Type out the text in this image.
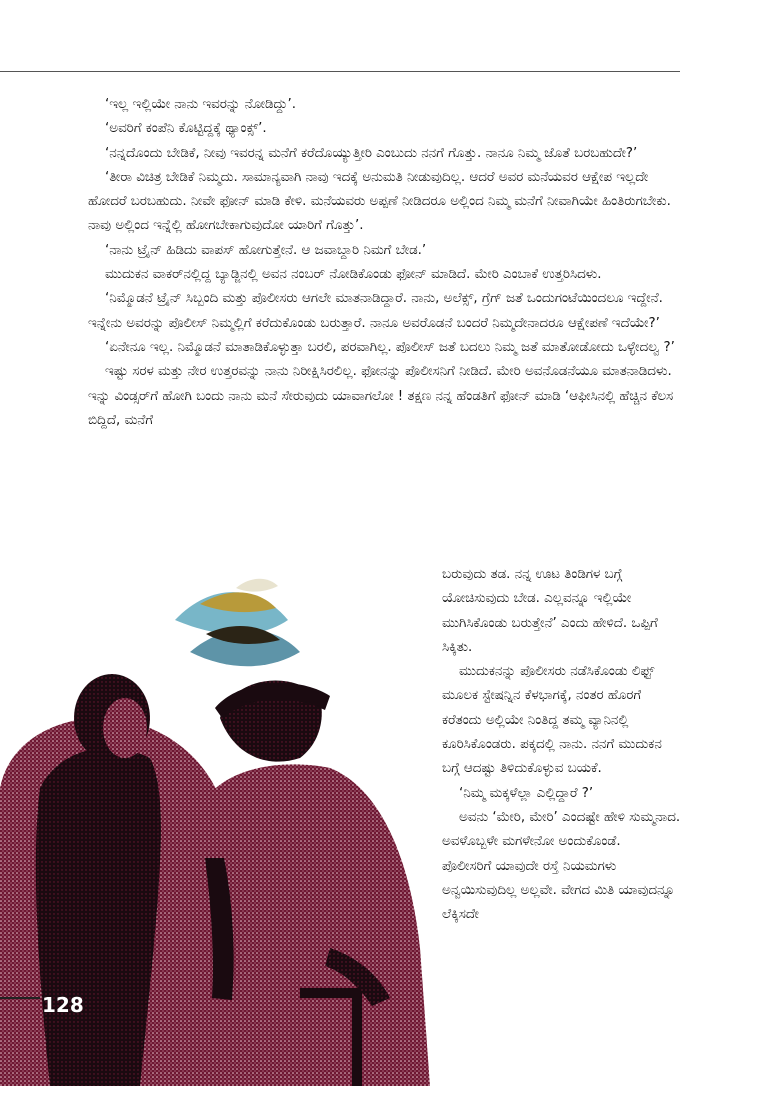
‘ಇಲ್ಲ ಇಲ್ಲಿಯೇ ನಾನು ಇವರನ್ನು ನೋಡಿದ್ದು’.

‘ಅವರಿಗೆ ಕಂಪೆನಿ ಕೊಟ್ಟಿದ್ದಕ್ಕೆ ಥ್ಯಾಂಕ್ಸ್’.

‘ನನ್ನದೊಂದು ಬೇಡಿಕೆ, ನೀವು ಇವರನ್ನ ಮನೆಗೆ ಕರೆದೊಯ್ಯುತ್ತೀರಿ ಎಂಬುದು ನನಗೆ ಗೊತ್ತು. ನಾನೂ ನಿಮ್ಮ ಜೊತೆ ಬರಬಹುದೇ?’

‘ತೀರಾ ವಿಚಿತ್ರ ಬೇಡಿಕೆ ನಿಮ್ಮದು. ಸಾಮಾನ್ಯವಾಗಿ ನಾವು ಇದಕ್ಕೆ ಅನುಮತಿ ನೀಡುವುದಿಲ್ಲ. ಆದರೆ ಅವರ ಮನೆಯವರ ಆಕ್ಷೇಪ ಇಲ್ಲದೇ ಹೋದರೆ ಬರಬಹುದು. ನೀವೇ ಫೋನ್ ಮಾಡಿ ಕೇಳಿ. ಮನೆಯವರು ಅಪ್ಪಣೆ ನೀಡಿದರೂ ಅಲ್ಲಿಂದ ನಿಮ್ಮ ಮನೆಗೆ ನೀವಾಗಿಯೇ ಹಿಂತಿರುಗಬೇಕು. ನಾವು ಅಲ್ಲಿಂದ ಇನ್ನೆಲ್ಲಿ ಹೋಗಬೇಕಾಗುವುದೋ ಯಾರಿಗೆ ಗೊತ್ತು’.

‘ನಾನು ಟ್ರೈನ್ ಹಿಡಿದು ವಾಪಸ್ ಹೋಗುತ್ತೇನೆ. ಆ ಜವಾಬ್ದಾರಿ ನಿಮಗೆ ಬೇಡ.’

ಮುದುಕನ ವಾಕರ್‌ನಲ್ಲಿದ್ದ ಬ್ಯಾಡ್ಜಿನಲ್ಲಿ ಅವನ ನಂಬರ್ ನೋಡಿಕೊಂಡು ಫೋನ್ ಮಾಡಿದೆ. ಮೇರಿ ಎಂಬಾಕೆ ಉತ್ತರಿಸಿದಳು.

‘ನಿಮ್ಮೊಡನೆ ಟ್ರೈನ್ ಸಿಬ್ಬಂದಿ ಮತ್ತು ಪೊಲೀಸರು ಆಗಲೇ ಮಾತನಾಡಿದ್ದಾರೆ. ನಾನು, ಅಲೆಕ್ಸ್, ಗ್ರೆಗ್ ಜತೆ ಒಂದುಗಂಟೆಯಿಂದಲೂ ಇದ್ದೇನೆ. ಇನ್ನೇನು ಅವರನ್ನು ಪೊಲೀಸ್ ನಿಮ್ಮಲ್ಲಿಗೆ ಕರೆದುಕೊಂಡು ಬರುತ್ತಾರೆ. ನಾನೂ ಅವರೊಡನೆ ಬಂದರೆ ನಿಮ್ಮದೇನಾದರೂ ಆಕ್ಷೇಪಣೆ ಇದೆಯೇ?’

‘ಏನೇನೂ ಇಲ್ಲ. ನಿಮ್ಮೊಡನೆ ಮಾತಾಡಿಕೊಳ್ಳುತ್ತಾ ಬರಲಿ, ಪರವಾಗಿಲ್ಲ. ಪೊಲೀಸ್ ಜತೆ ಬದಲು ನಿಮ್ಮ ಜತೆ ಮಾತೋಡೋದು ಒಳ್ಳೇದಲ್ವ ?’

ಇಷ್ಟು ಸರಳ ಮತ್ತು ನೇರ ಉತ್ತರವನ್ನು ನಾನು ನಿರೀಕ್ಷಿಸಿರಲಿಲ್ಲ. ಫೋನನ್ನು ಪೊಲೀಸನಿಗೆ ನೀಡಿದೆ. ಮೇರಿ ಅವನೊಡನೆಯೂ ಮಾತನಾಡಿದಳು. ಇನ್ನು ವಿಂಡ್ಸರ್‌ಗೆ ಹೋಗಿ ಬಂದು ನಾನು ಮನೆ ಸೇರುವುದು ಯಾವಾಗಲೋ ! ತಕ್ಷಣ ನನ್ನ ಹೆಂಡತಿಗೆ ಫೋನ್ ಮಾಡಿ ‘ಆಫೀಸಿನಲ್ಲಿ ಹೆಚ್ಚಿನ ಕೆಲಸ ಬಿದ್ದಿದೆ, ಮನೆಗೆ

128

ಬರುವುದು ತಡ. ನನ್ನ ಊಟ ತಿಂಡಿಗಳ ಬಗ್ಗೆ ಯೋಚಿಸುವುದು ಬೇಡ. ಎಲ್ಲವನ್ನೂ ಇಲ್ಲಿಯೇ ಮುಗಿಸಿಕೊಂಡು ಬರುತ್ತೇನೆ’ ಎಂದು ಹೇಳಿದೆ. ಒಪ್ಪಿಗೆ ಸಿಕ್ಕಿತು.

ಮುದುಕನನ್ನು ಪೊಲೀಸರು ನಡೆಸಿಕೊಂಡು ಲಿಫ್ಟ್ ಮೂಲಕ ಸ್ಟೇಷನ್ನಿನ ಕೆಳಭಾಗಕ್ಕೆ, ನಂತರ ಹೊರಗೆ ಕರೆತಂದು ಅಲ್ಲಿಯೇ ನಿಂತಿದ್ದ ತಮ್ಮ ವ್ಯಾನಿನಲ್ಲಿ ಕೂರಿಸಿಕೊಂಡರು. ಪಕ್ಕದಲ್ಲಿ ನಾನು. ನನಗೆ ಮುದುಕನ ಬಗ್ಗೆ ಆದಷ್ಟು ತಿಳಿದುಕೊಳ್ಳುವ ಬಯಕೆ.

‘ನಿಮ್ಮ ಮಕ್ಕಳೆಲ್ಲಾ ಎಲ್ಲಿದ್ದಾರೆ ?’

ಅವನು ‘ಮೇರಿ, ಮೇರಿ’ ಎಂದಷ್ಟೇ ಹೇಳಿ ಸುಮ್ಮನಾದ. ಅವಳೊಬ್ಬಳೇ ಮಗಳೇನೋ ಅಂದುಕೊಂಡೆ.

ಪೊಲೀಸರಿಗೆ ಯಾವುದೇ ರಸ್ತೆ ನಿಯಮಗಳು ಅನ್ವಯಿಸುವುದಿಲ್ಲ ಅಲ್ಲವೇ. ವೇಗದ ಮಿತಿ ಯಾವುದನ್ನೂ ಲೆಕ್ಕಿಸದೇ
